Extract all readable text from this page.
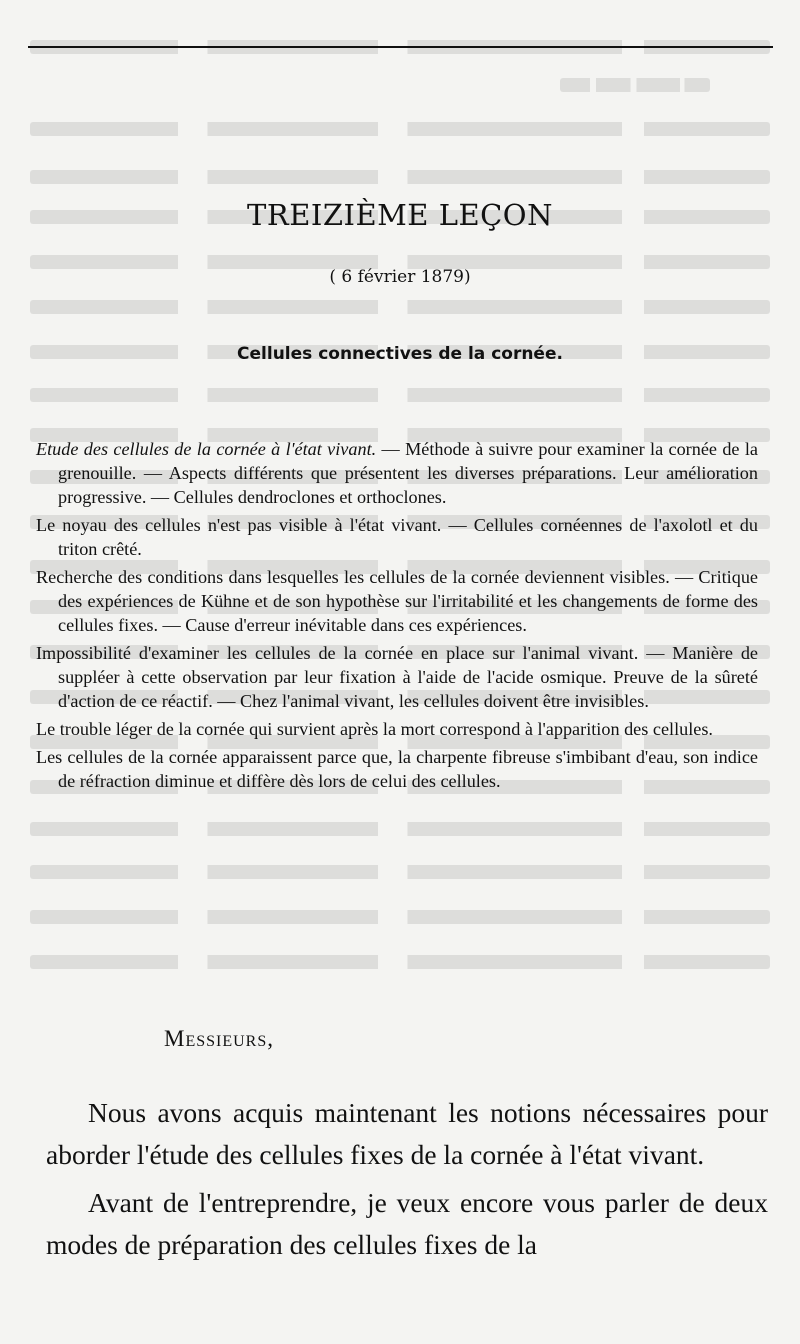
TREIZIÈME LEÇON
( 6 février 1879)
Cellules connectives de la cornée.

Etude des cellules de la cornée à l'état vivant. — Méthode à suivre pour examiner la cornée de la grenouille. — Aspects différents que présentent les diverses préparations. Leur amélioration progressive. — Cellules dendroclones et orthoclones.

Le noyau des cellules n'est pas visible à l'état vivant. — Cellules cornéennes de l'axolotl et du triton crêté.

Recherche des conditions dans lesquelles les cellules de la cornée deviennent visibles. — Critique des expériences de Kühne et de son hypothèse sur l'irritabilité et les changements de forme des cellules fixes. — Cause d'erreur inévitable dans ces expériences.

Impossibilité d'examiner les cellules de la cornée en place sur l'animal vivant. — Manière de suppléer à cette observation par leur fixation à l'aide de l'acide osmique. Preuve de la sûreté d'action de ce réactif. — Chez l'animal vivant, les cellules doivent être invisibles.

Le trouble léger de la cornée qui survient après la mort correspond à l'apparition des cellules.

Les cellules de la cornée apparaissent parce que, la charpente fibreuse s'imbibant d'eau, son indice de réfraction diminue et diffère dès lors de celui des cellules.

Messieurs,

Nous avons acquis maintenant les notions nécessaires pour aborder l'étude des cellules fixes de la cornée à l'état vivant.

Avant de l'entreprendre, je veux encore vous parler de deux modes de préparation des cellules fixes de la
